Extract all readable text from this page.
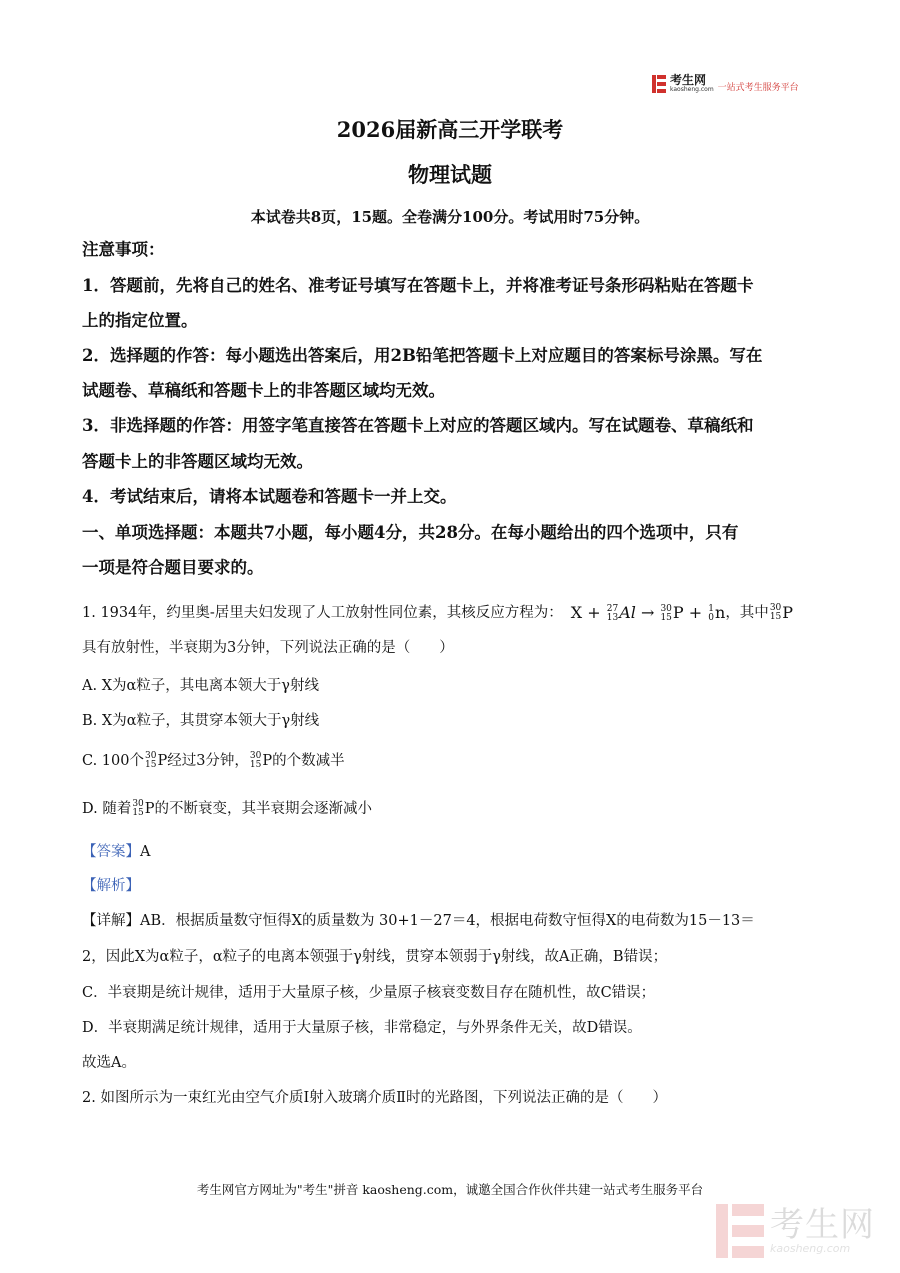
考生网
kaosheng.com 一站式考生服务平台
2026届新高三开学联考
物理试题
本试卷共8页，15题。全卷满分100分。考试用时75分钟。
注意事项：
1．答题前，先将自己的姓名、准考证号填写在答题卡上，并将准考证号条形码粘贴在答题卡
上的指定位置。
2．选择题的作答：每小题选出答案后，用2B铅笔把答题卡上对应题目的答案标号涂黑。写在
试题卷、草稿纸和答题卡上的非答题区域均无效。
3．非选择题的作答：用签字笔直接答在答题卡上对应的答题区域内。写在试题卷、草稿纸和
答题卡上的非答题区域均无效。
4．考试结束后，请将本试题卷和答题卡一并上交。
一、单项选择题：本题共7小题，每小题4分，共28分。在每小题给出的四个选项中，只有
一项是符合题目要求的。
1. 1934年，约里奥-居里夫妇发现了人工放射性同位素，其核反应方程为： X + 27
13 Al → 30
15 P + 1
0 n ，其中 30
15 P
具有放射性，半衰期为3分钟，下列说法正确的是（　　）
A. X为α粒子，其电离本领大于γ射线
B. X为α粒子，其贯穿本领大于γ射线
C. 100个 30
15 P经过3分钟， 30
15 P的个数减半
D. 随着 30
15 P的不断衰变，其半衰期会逐渐减小
【答案】A
【解析】
【详解】AB．根据质量数守恒得X的质量数为 30+1－27＝4，根据电荷数守恒得X的电荷数为15－13＝
2，因此X为α粒子，α粒子的电离本领强于γ射线，贯穿本领弱于γ射线，故A正确，B错误；
C．半衰期是统计规律，适用于大量原子核，少量原子核衰变数目存在随机性，故C错误；
D．半衰期满足统计规律，适用于大量原子核，非常稳定，与外界条件无关，故D错误。
故选A。
2. 如图所示为一束红光由空气介质Ⅰ射入玻璃介质Ⅱ时的光路图，下列说法正确的是（　　）
考生网官方网址为"考生"拼音 kaosheng.com，诚邀全国合作伙伴共建一站式考生服务平台
考生网
kaosheng.com
